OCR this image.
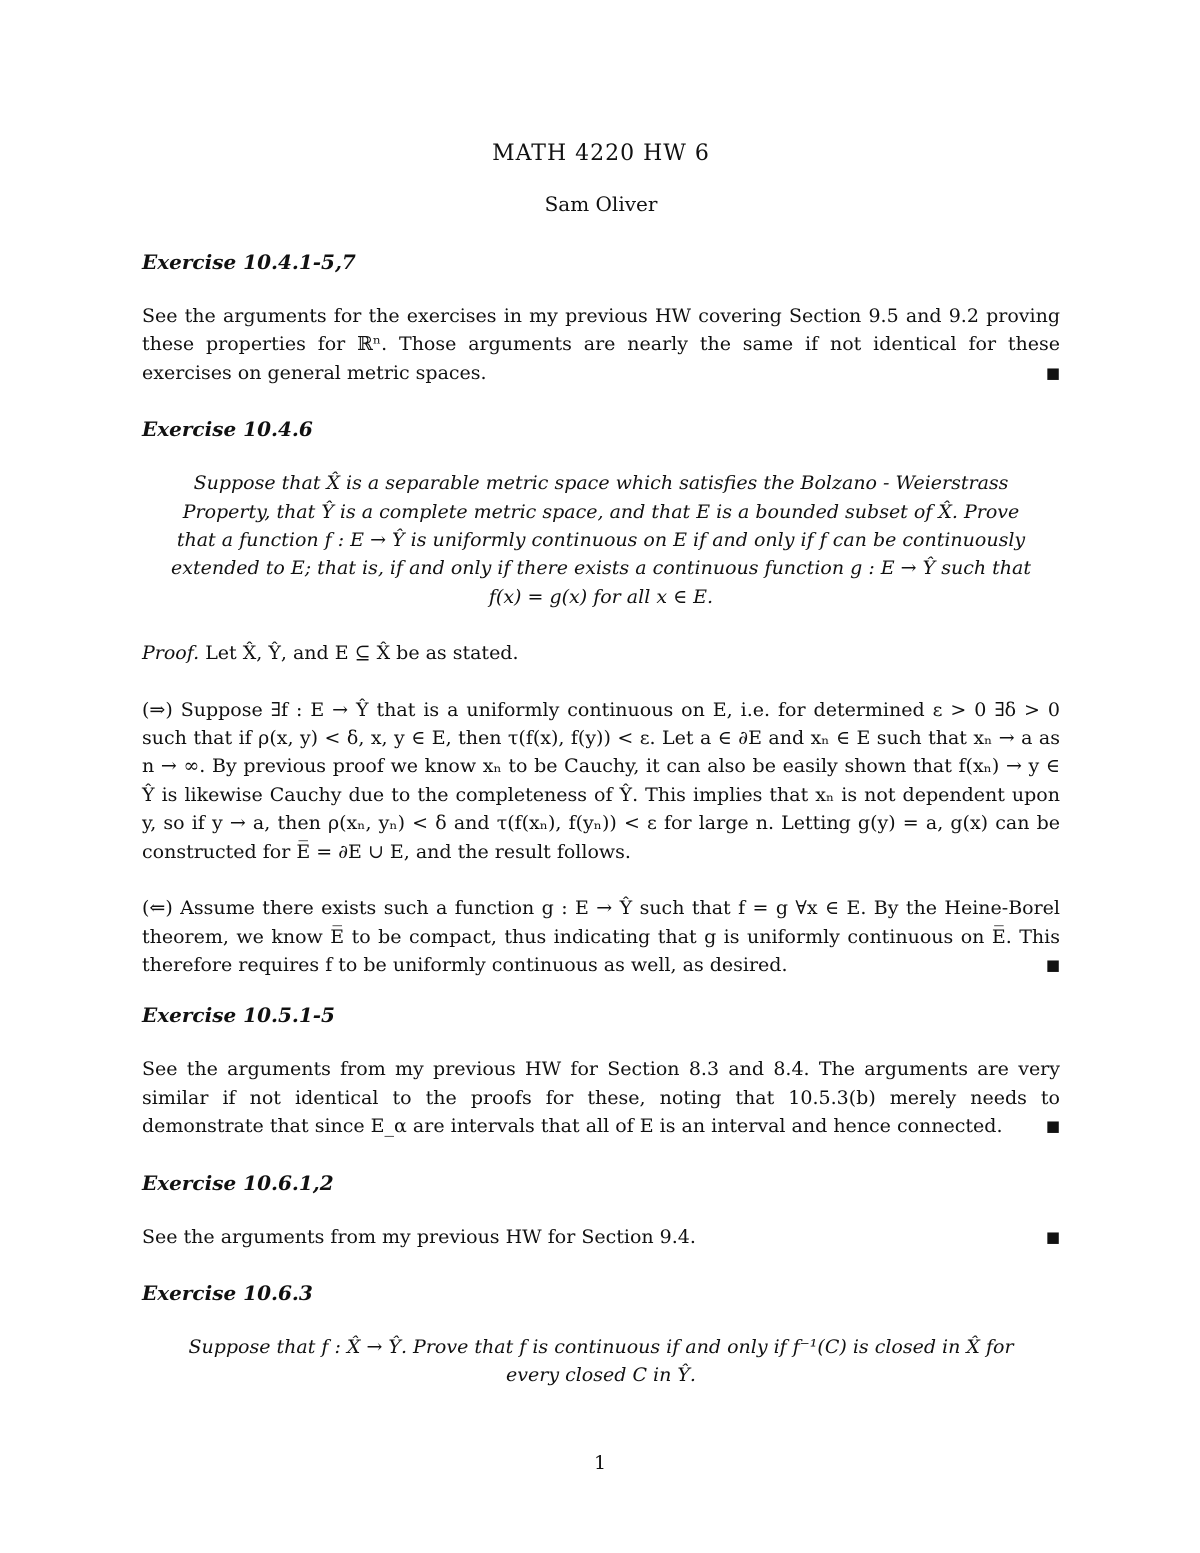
MATH 4220 HW 6
Sam Oliver
Exercise 10.4.1-5,7

See the arguments for the exercises in my previous HW covering Section 9.5 and 9.2 proving these properties for ℝⁿ. Those arguments are nearly the same if not identical for these exercises on general metric spaces.	■

Exercise 10.4.6

Suppose that X̂ is a separable metric space which satisfies the Bolzano - Weierstrass

Property, that Ŷ is a complete metric space, and that E is a bounded subset of X̂. Prove

that a function f : E → Ŷ is uniformly continuous on E if and only if f can be continuously

extended to E; that is, if and only if there exists a continuous function g : E → Ŷ such that

f(x) = g(x) for all x ∈ E.

Proof. Let X̂, Ŷ, and E ⊆ X̂ be as stated.

(⇒) Suppose ∃f : E → Ŷ that is a uniformly continuous on E, i.e. for determined ε > 0 ∃δ > 0 such that if ρ(x, y) < δ, x, y ∈ E, then τ(f(x), f(y)) < ε. Let a ∈ ∂E and xₙ ∈ E such that xₙ → a as n → ∞. By previous proof we know xₙ to be Cauchy, it can also be easily shown that f(xₙ) → y ∈ Ŷ is likewise Cauchy due to the completeness of Ŷ. This implies that xₙ is not dependent upon y, so if y → a, then ρ(xₙ, yₙ) < δ and τ(f(xₙ), f(yₙ)) < ε for large n. Letting g(y) = a, g(x) can be constructed for E̅ = ∂E ∪ E, and the result follows.

(⇐) Assume there exists such a function g : E → Ŷ such that f = g ∀x ∈ E. By the Heine-Borel theorem, we know E̅ to be compact, thus indicating that g is uniformly continuous on E̅. This therefore requires f to be uniformly continuous as well, as desired.	■

Exercise 10.5.1-5

See the arguments from my previous HW for Section 8.3 and 8.4. The arguments are very similar if not identical to the proofs for these, noting that 10.5.3(b) merely needs to demonstrate that since E_α are intervals that all of E is an interval and hence connected.	■

Exercise 10.6.1,2

See the arguments from my previous HW for Section 9.4.	■

Exercise 10.6.3

Suppose that f : X̂ → Ŷ. Prove that f is continuous if and only if f⁻¹(C) is closed in X̂ for

every closed C in Ŷ.

1
